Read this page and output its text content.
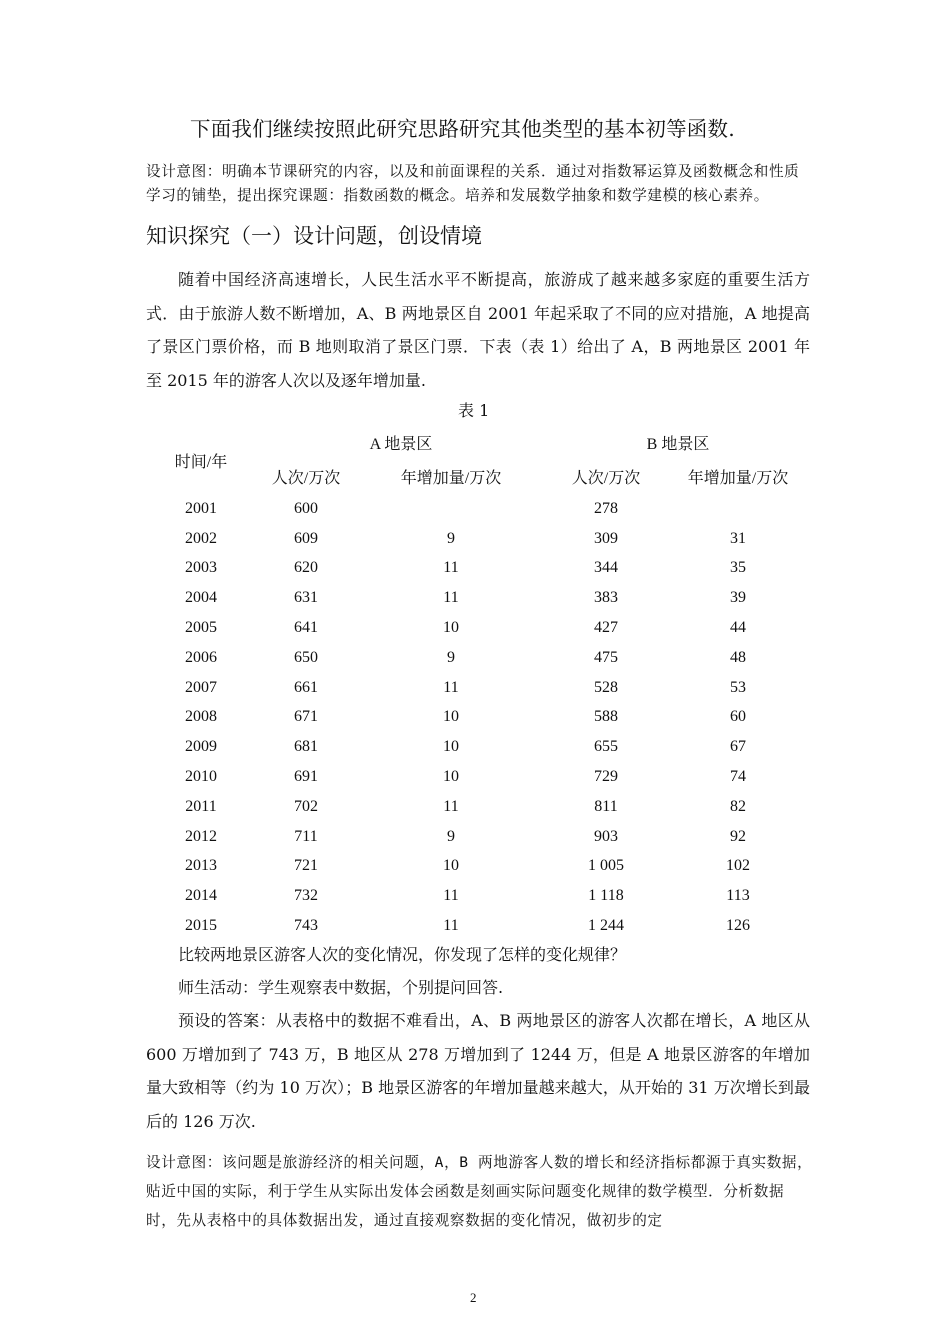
下面我们继续按照此研究思路研究其他类型的基本初等函数.
设计意图：明确本节课研究的内容，以及和前面课程的关系．通过对指数幂运算及函数概念和性质学习的铺垫，提出探究课题：指数函数的概念。培养和发展数学抽象和数学建模的核心素养。
知识探究（一）设计问题，创设情境
随着中国经济高速增长，人民生活水平不断提高，旅游成了越来越多家庭的重要生活方式．由于旅游人数不断增加，A、B 两地景区自 2001 年起采取了不同的应对措施，A 地提高了景区门票价格，而 B 地则取消了景区门票．下表（表 1）给出了 A，B 两地景区 2001 年至 2015 年的游客人次以及逐年增加量.
表 1
时间/年	A 地景区		B 地景区	
	人次/万次	年增加量/万次	人次/万次	年增加量/万次
2001	600		278	
2002	609	9	309	31
2003	620	11	344	35
2004	631	11	383	39
2005	641	10	427	44
2006	650	9	475	48
2007	661	11	528	53
2008	671	10	588	60
2009	681	10	655	67
2010	691	10	729	74
2011	702	11	811	82
2012	711	9	903	92
2013	721	10	1 005	102
2014	732	11	1 118	113
2015	743	11	1 244	126
比较两地景区游客人次的变化情况，你发现了怎样的变化规律？
师生活动：学生观察表中数据，个别提问回答.
预设的答案：从表格中的数据不难看出，A、B 两地景区的游客人次都在增长，A 地区从 600 万增加到了 743 万，B 地区从 278 万增加到了 1244 万，但是 A 地景区游客的年增加量大致相等（约为 10 万次）；B 地景区游客的年增加量越来越大，从开始的 31 万次增长到最后的 126 万次.
设计意图：该问题是旅游经济的相关问题，A，B 两地游客人数的增长和经济指标都源于真实数据，贴近中国的实际，利于学生从实际出发体会函数是刻画实际问题变化规律的数学模型．分析数据时，先从表格中的具体数据出发，通过直接观察数据的变化情况，做初步的定
2
